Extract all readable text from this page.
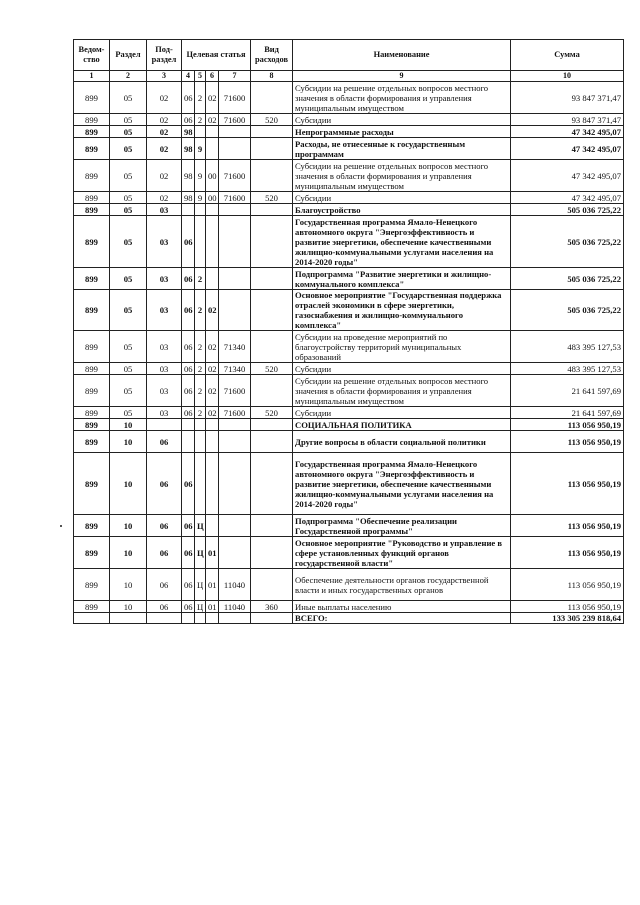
Ведом-ство	Раздел	Под-раздел	Целевая статья				Вид расходов	Наименование	Сумма
1	2	3	4	5	6	7	8	9	10
899	05	02	06	2	02	71600		Субсидии на решение отдельных вопросов местного значения в области формирования и управления муниципальным имуществом	93 847 371,47
899	05	02	06	2	02	71600	520	Субсидии	93 847 371,47
899	05	02	98					Непрограммные расходы	47 342 495,07
899	05	02	98	9				Расходы, не отнесенные к государственным программам	47 342 495,07
899	05	02	98	9	00	71600		Субсидии на решение отдельных вопросов местного значения в области формирования и управления муниципальным имуществом	47 342 495,07
899	05	02	98	9	00	71600	520	Субсидии	47 342 495,07
899	05	03						Благоустройство	505 036 725,22
899	05	03	06					Государственная программа Ямало-Ненецкого автономного округа "Энергоэффективность и развитие энергетики, обеспечение качественными жилищно-коммунальными услугами населения на 2014-2020 годы"	505 036 725,22
899	05	03	06	2				Подпрограмма "Развитие энергетики и жилищно-коммунального комплекса"	505 036 725,22
899	05	03	06	2	02			Основное мероприятие "Государственная поддержка отраслей экономики в сфере энергетики, газоснабжения и жилищно-коммунального комплекса"	505 036 725,22
899	05	03	06	2	02	71340		Субсидии на проведение мероприятий по благоустройству территорий муниципальных образований	483 395 127,53
899	05	03	06	2	02	71340	520	Субсидии	483 395 127,53
899	05	03	06	2	02	71600		Субсидии на решение отдельных вопросов местного значения в области формирования и управления муниципальным имуществом	21 641 597,69
899	05	03	06	2	02	71600	520	Субсидии	21 641 597,69
899	10							СОЦИАЛЬНАЯ ПОЛИТИКА	113 056 950,19
899	10	06						Другие вопросы в области социальной политики	113 056 950,19
899	10	06	06					Государственная программа Ямало-Ненецкого автономного округа "Энергоэффективность и развитие энергетики, обеспечение качественными жилищно-коммунальными услугами населения на 2014-2020 годы"	113 056 950,19
899	10	06	06	Ц				Подпрограмма "Обеспечение реализации Государственной программы"	113 056 950,19
899	10	06	06	Ц	01			Основное мероприятие "Руководство и управление в сфере установленных функций органов государственной власти"	113 056 950,19
899	10	06	06	Ц	01	11040		Обеспечение деятельности органов государственной власти и иных государственных органов	113 056 950,19
899	10	06	06	Ц	01	11040	360	Иные выплаты населению	113 056 950,19
								ВСЕГО:	133 305 239 818,64
